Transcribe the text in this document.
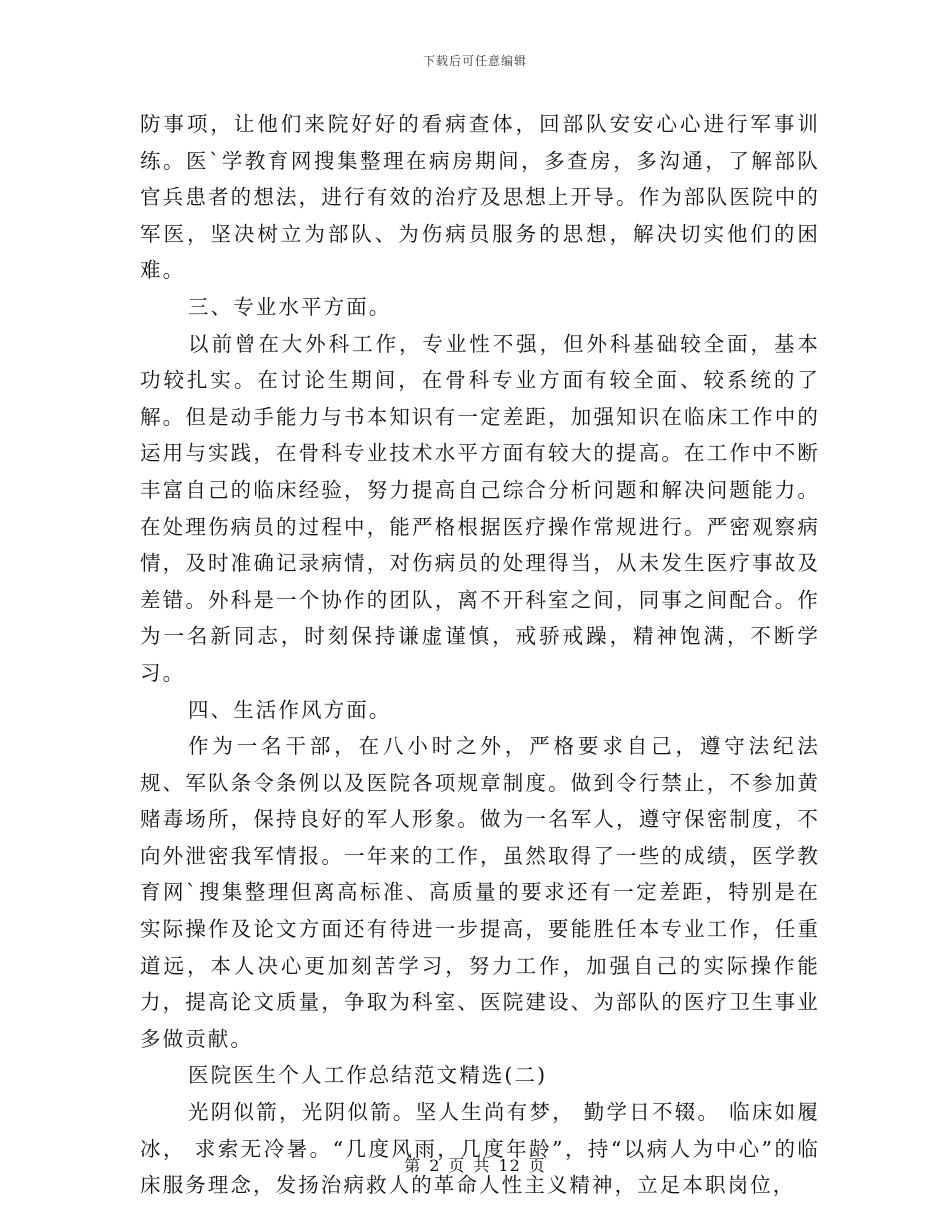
下载后可任意编辑

防事项，让他们来院好好的看病查体，回部队安安心心进行军事训练。医`学教育网搜集整理在病房期间，多查房，多沟通，了解部队官兵患者的想法，进行有效的治疗及思想上开导。作为部队医院中的军医，坚决树立为部队、为伤病员服务的思想，解决切实他们的困难。

三、专业水平方面。

以前曾在大外科工作，专业性不强，但外科基础较全面，基本功较扎实。在讨论生期间，在骨科专业方面有较全面、较系统的了解。但是动手能力与书本知识有一定差距，加强知识在临床工作中的运用与实践，在骨科专业技术水平方面有较大的提高。在工作中不断丰富自己的临床经验，努力提高自己综合分析问题和解决问题能力。在处理伤病员的过程中，能严格根据医疗操作常规进行。严密观察病情，及时准确记录病情，对伤病员的处理得当，从未发生医疗事故及差错。外科是一个协作的团队，离不开科室之间，同事之间配合。作为一名新同志，时刻保持谦虚谨慎，戒骄戒躁，精神饱满，不断学习。

四、生活作风方面。

作为一名干部，在八小时之外，严格要求自己，遵守法纪法规、军队条令条例以及医院各项规章制度。做到令行禁止，不参加黄赌毒场所，保持良好的军人形象。做为一名军人，遵守保密制度，不向外泄密我军情报。一年来的工作，虽然取得了一些的成绩，医学教育网`搜集整理但离高标准、高质量的要求还有一定差距，特别是在实际操作及论文方面还有待进一步提高，要能胜任本专业工作，任重道远，本人决心更加刻苦学习，努力工作，加强自己的实际操作能力，提高论文质量，争取为科室、医院建设、为部队的医疗卫生事业多做贡献。

医院医生个人工作总结范文精选(二)

光阴似箭，光阴似箭。坚人生尚有梦， 勤学日不辍。 临床如履冰， 求索无冷暑。“几度风雨，几度年龄”，持“以病人为中心”的临床服务理念，发扬治病救人的革命人性主义精神，立足本职岗位，

第 2 页 共 12 页
